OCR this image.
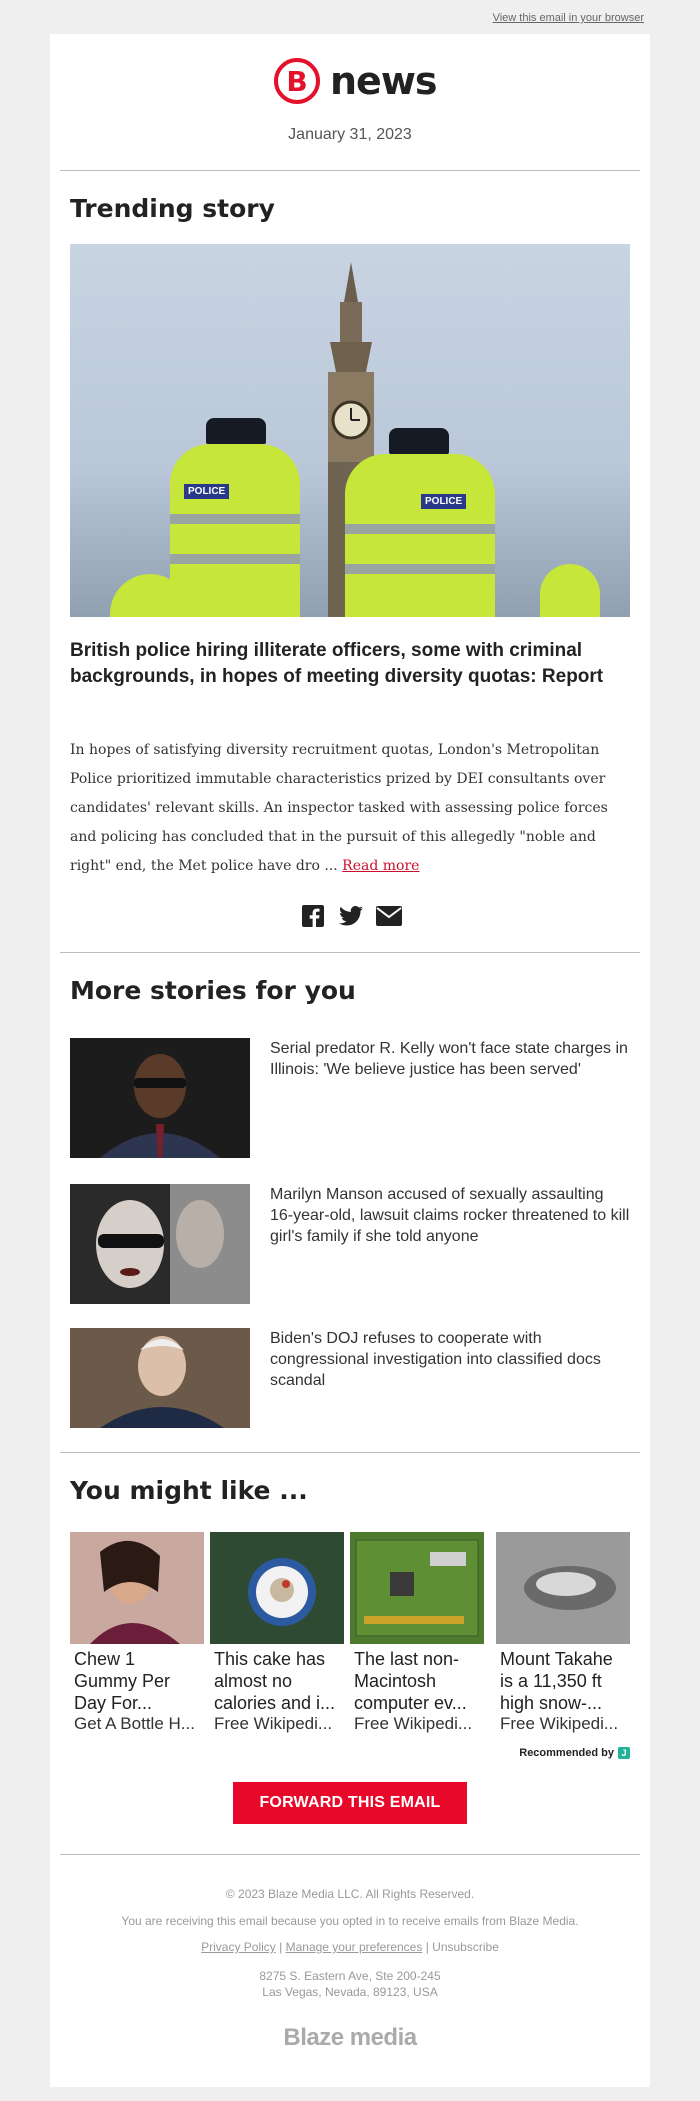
View this email in your browser
B news
January 31, 2023
Trending story
POLICE
POLICE
British police hiring illiterate officers, some with criminal backgrounds, in hopes of meeting diversity quotas: Report
In hopes of satisfying diversity recruitment quotas, London's Metropolitan Police prioritized immutable characteristics prized by DEI consultants over candidates' relevant skills. An inspector tasked with assessing police forces and policing has concluded that in the pursuit of this allegedly "noble and right" end, the Met police have dro ... Read more
More stories for you
Serial predator R. Kelly won't face state charges in Illinois: 'We believe justice has been served'
Marilyn Manson accused of sexually assaulting 16-year-old, lawsuit claims rocker threatened to kill girl's family if she told anyone
Biden's DOJ refuses to cooperate with congressional investigation into classified docs scandal
You might like ...
Chew 1 Gummy Per Day For...
Get A Bottle H...
This cake has almost no calories and i...
Free Wikipedi...
The last non-Macintosh computer ev...
Free Wikipedi...
Mount Takahe is a 11,350 ft high snow-...
Free Wikipedi...
Recommended by J
FORWARD THIS EMAIL
© 2023 Blaze Media LLC. All Rights Reserved.
You are receiving this email because you opted in to receive emails from Blaze Media.
Privacy Policy | Manage your preferences | Unsubscribe
8275 S. Eastern Ave, Ste 200-245
Las Vegas, Nevada, 89123, USA
Blaze media
